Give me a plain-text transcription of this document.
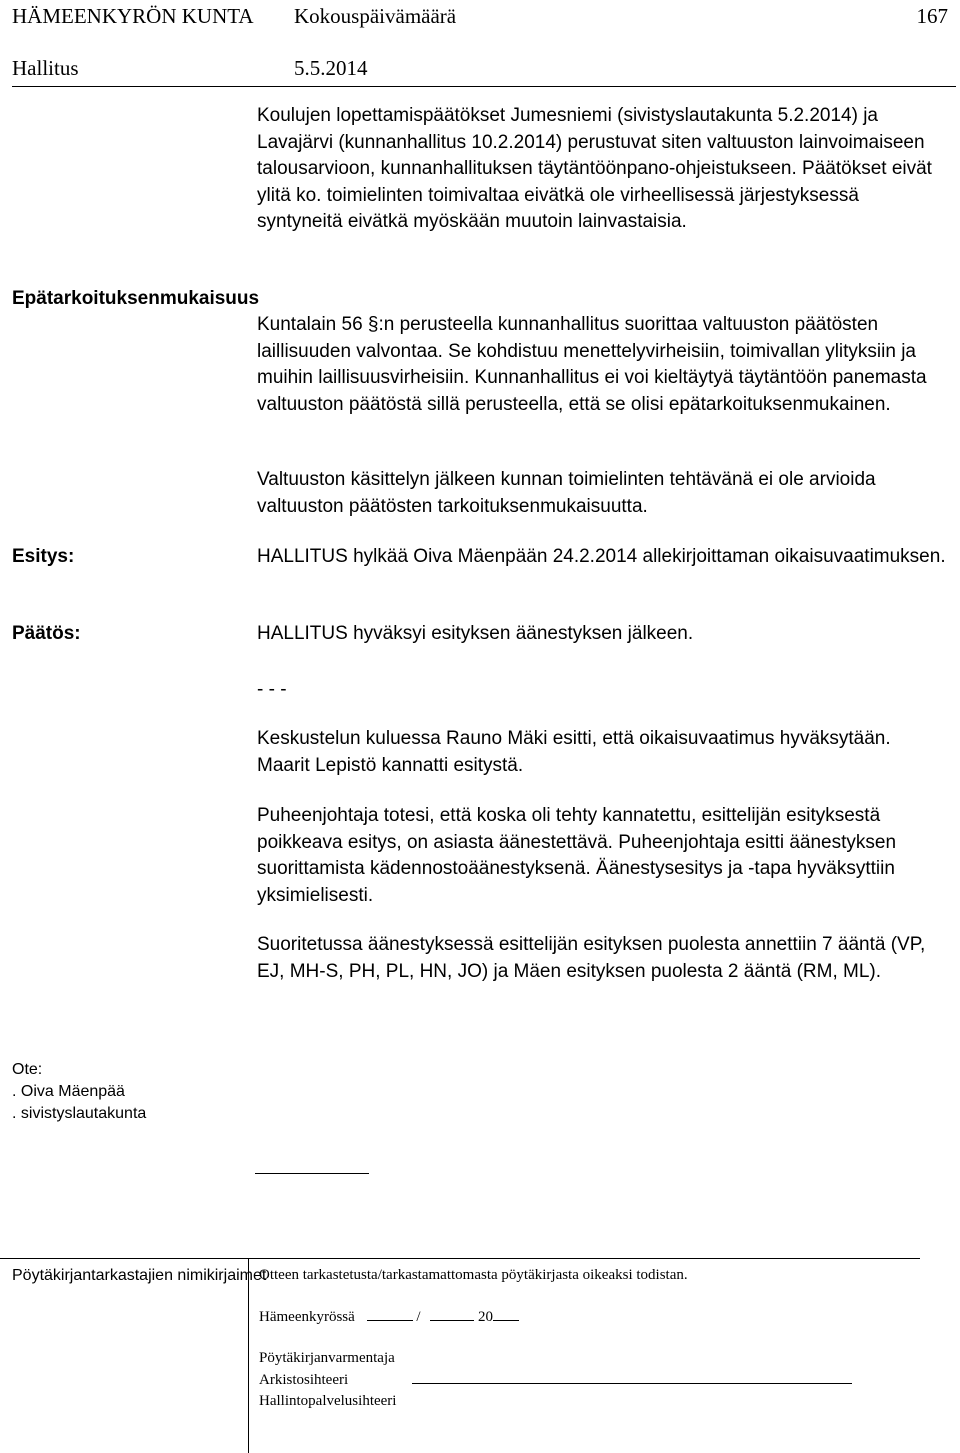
HÄMEENKYRÖN KUNTA Kokouspäivämäärä	167
Hallitus	5.5.2014

Koulujen lopettamispäätökset Jumesniemi (sivistyslautakunta 5.2.2014) ja Lavajärvi (kunnanhallitus 10.2.2014) perustuvat siten valtuuston lainvoimaiseen talousarvioon, kunnanhallituksen täytäntöönpano-ohjeistukseen. Päätökset eivät ylitä ko. toimielinten toimivaltaa eivätkä ole virheellisessä järjestyksessä syntyneitä eivätkä myöskään muutoin lainvastaisia.

Epätarkoituksenmukaisuus

Kuntalain 56 §:n perusteella kunnanhallitus suorittaa valtuuston päätösten laillisuuden valvontaa. Se kohdistuu menettelyvirheisiin, toimivallan ylityksiin ja muihin laillisuusvirheisiin. Kunnanhallitus ei voi kieltäytyä täytäntöön panemasta valtuuston päätöstä sillä perusteella, että se olisi epätarkoituksenmukainen.

Valtuuston käsittelyn jälkeen kunnan toimielinten tehtävänä ei ole arvioida valtuuston päätösten tarkoituksenmukaisuutta.

Esitys:	HALLITUS hylkää Oiva Mäenpään 24.2.2014 allekirjoittaman oikaisuvaatimuksen.

Päätös:	HALLITUS hyväksyi esityksen äänestyksen jälkeen.

- - -

Keskustelun kuluessa Rauno Mäki esitti, että oikaisuvaatimus hyväksytään. Maarit Lepistö kannatti esitystä.

Puheenjohtaja totesi, että koska oli tehty kannatettu, esittelijän esityksestä poikkeava esitys, on asiasta äänestettävä. Puheenjohtaja esitti äänestyksen suorittamista kädennostoäänestyksenä. Äänestysesitys ja -tapa hyväksyttiin yksimielisesti.

Suoritetussa äänestyksessä esittelijän esityksen puolesta annettiin 7 ääntä (VP, EJ, MH-S, PH, PL, HN, JO) ja Mäen esityksen puolesta 2 ääntä (RM, ML).

Ote:
. Oiva Mäenpää
. sivistyslautakunta
Pöytäkirjantarkastajien nimikirjaimet
Otteen tarkastetusta/tarkastamattomasta pöytäkirjasta oikeaksi todistan.
Hämeenkyrössä	/	20
Pöytäkirjanvarmentaja
Arkistosihteeri
Hallintopalvelusihteeri
